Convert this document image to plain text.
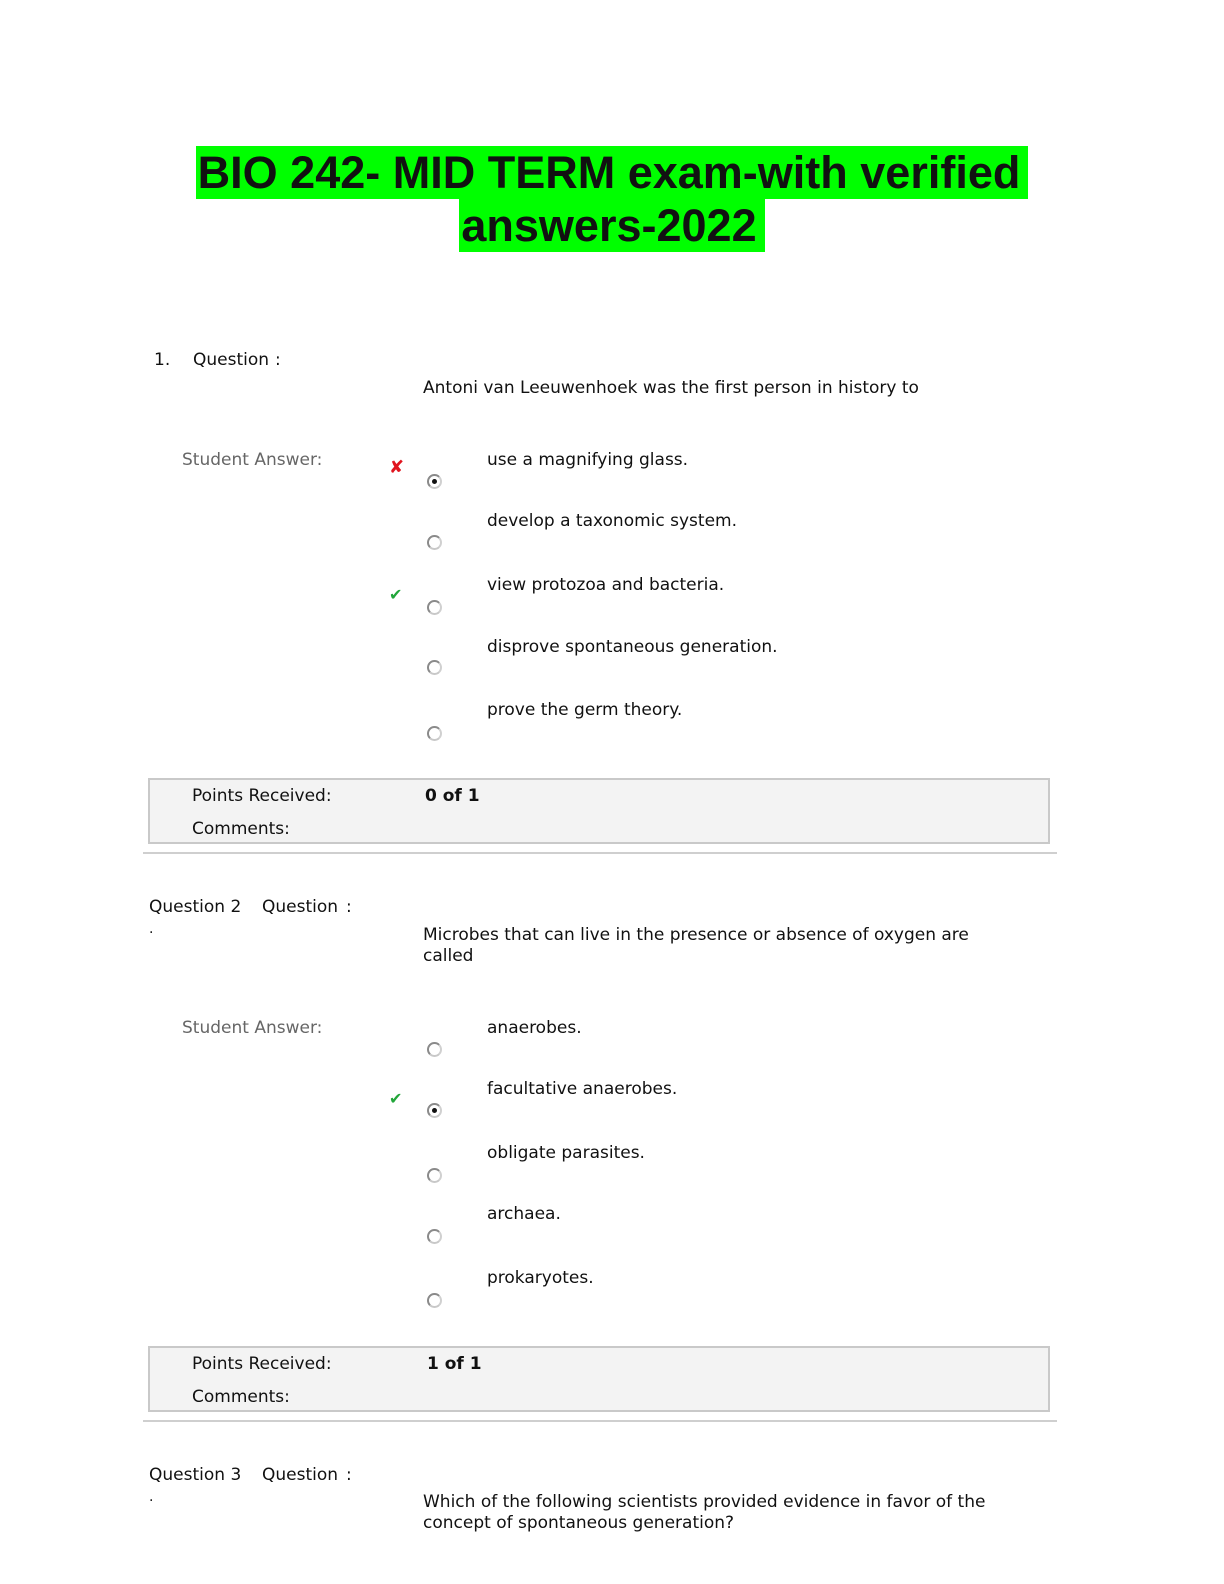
BIO 242- MID TERM exam-with verified
answers-2022
1. Question :
Antoni van Leeuwenhoek was the first person in history to
Student Answer:	✘	use a magnifying glass.
develop a taxonomic system.
✔	view protozoa and bacteria.
disprove spontaneous generation.
prove the germ theory.
Points Received:	0 of 1
Comments:
Question 2
.
Question :
Microbes that can live in the presence or absence of oxygen are called
Student Answer:	anaerobes.
✔	facultative anaerobes.
obligate parasites.
archaea.
prokaryotes.
Points Received:	1 of 1
Comments:
Question 3
.
Question :
Which of the following scientists provided evidence in favor of the concept of spontaneous generation?
